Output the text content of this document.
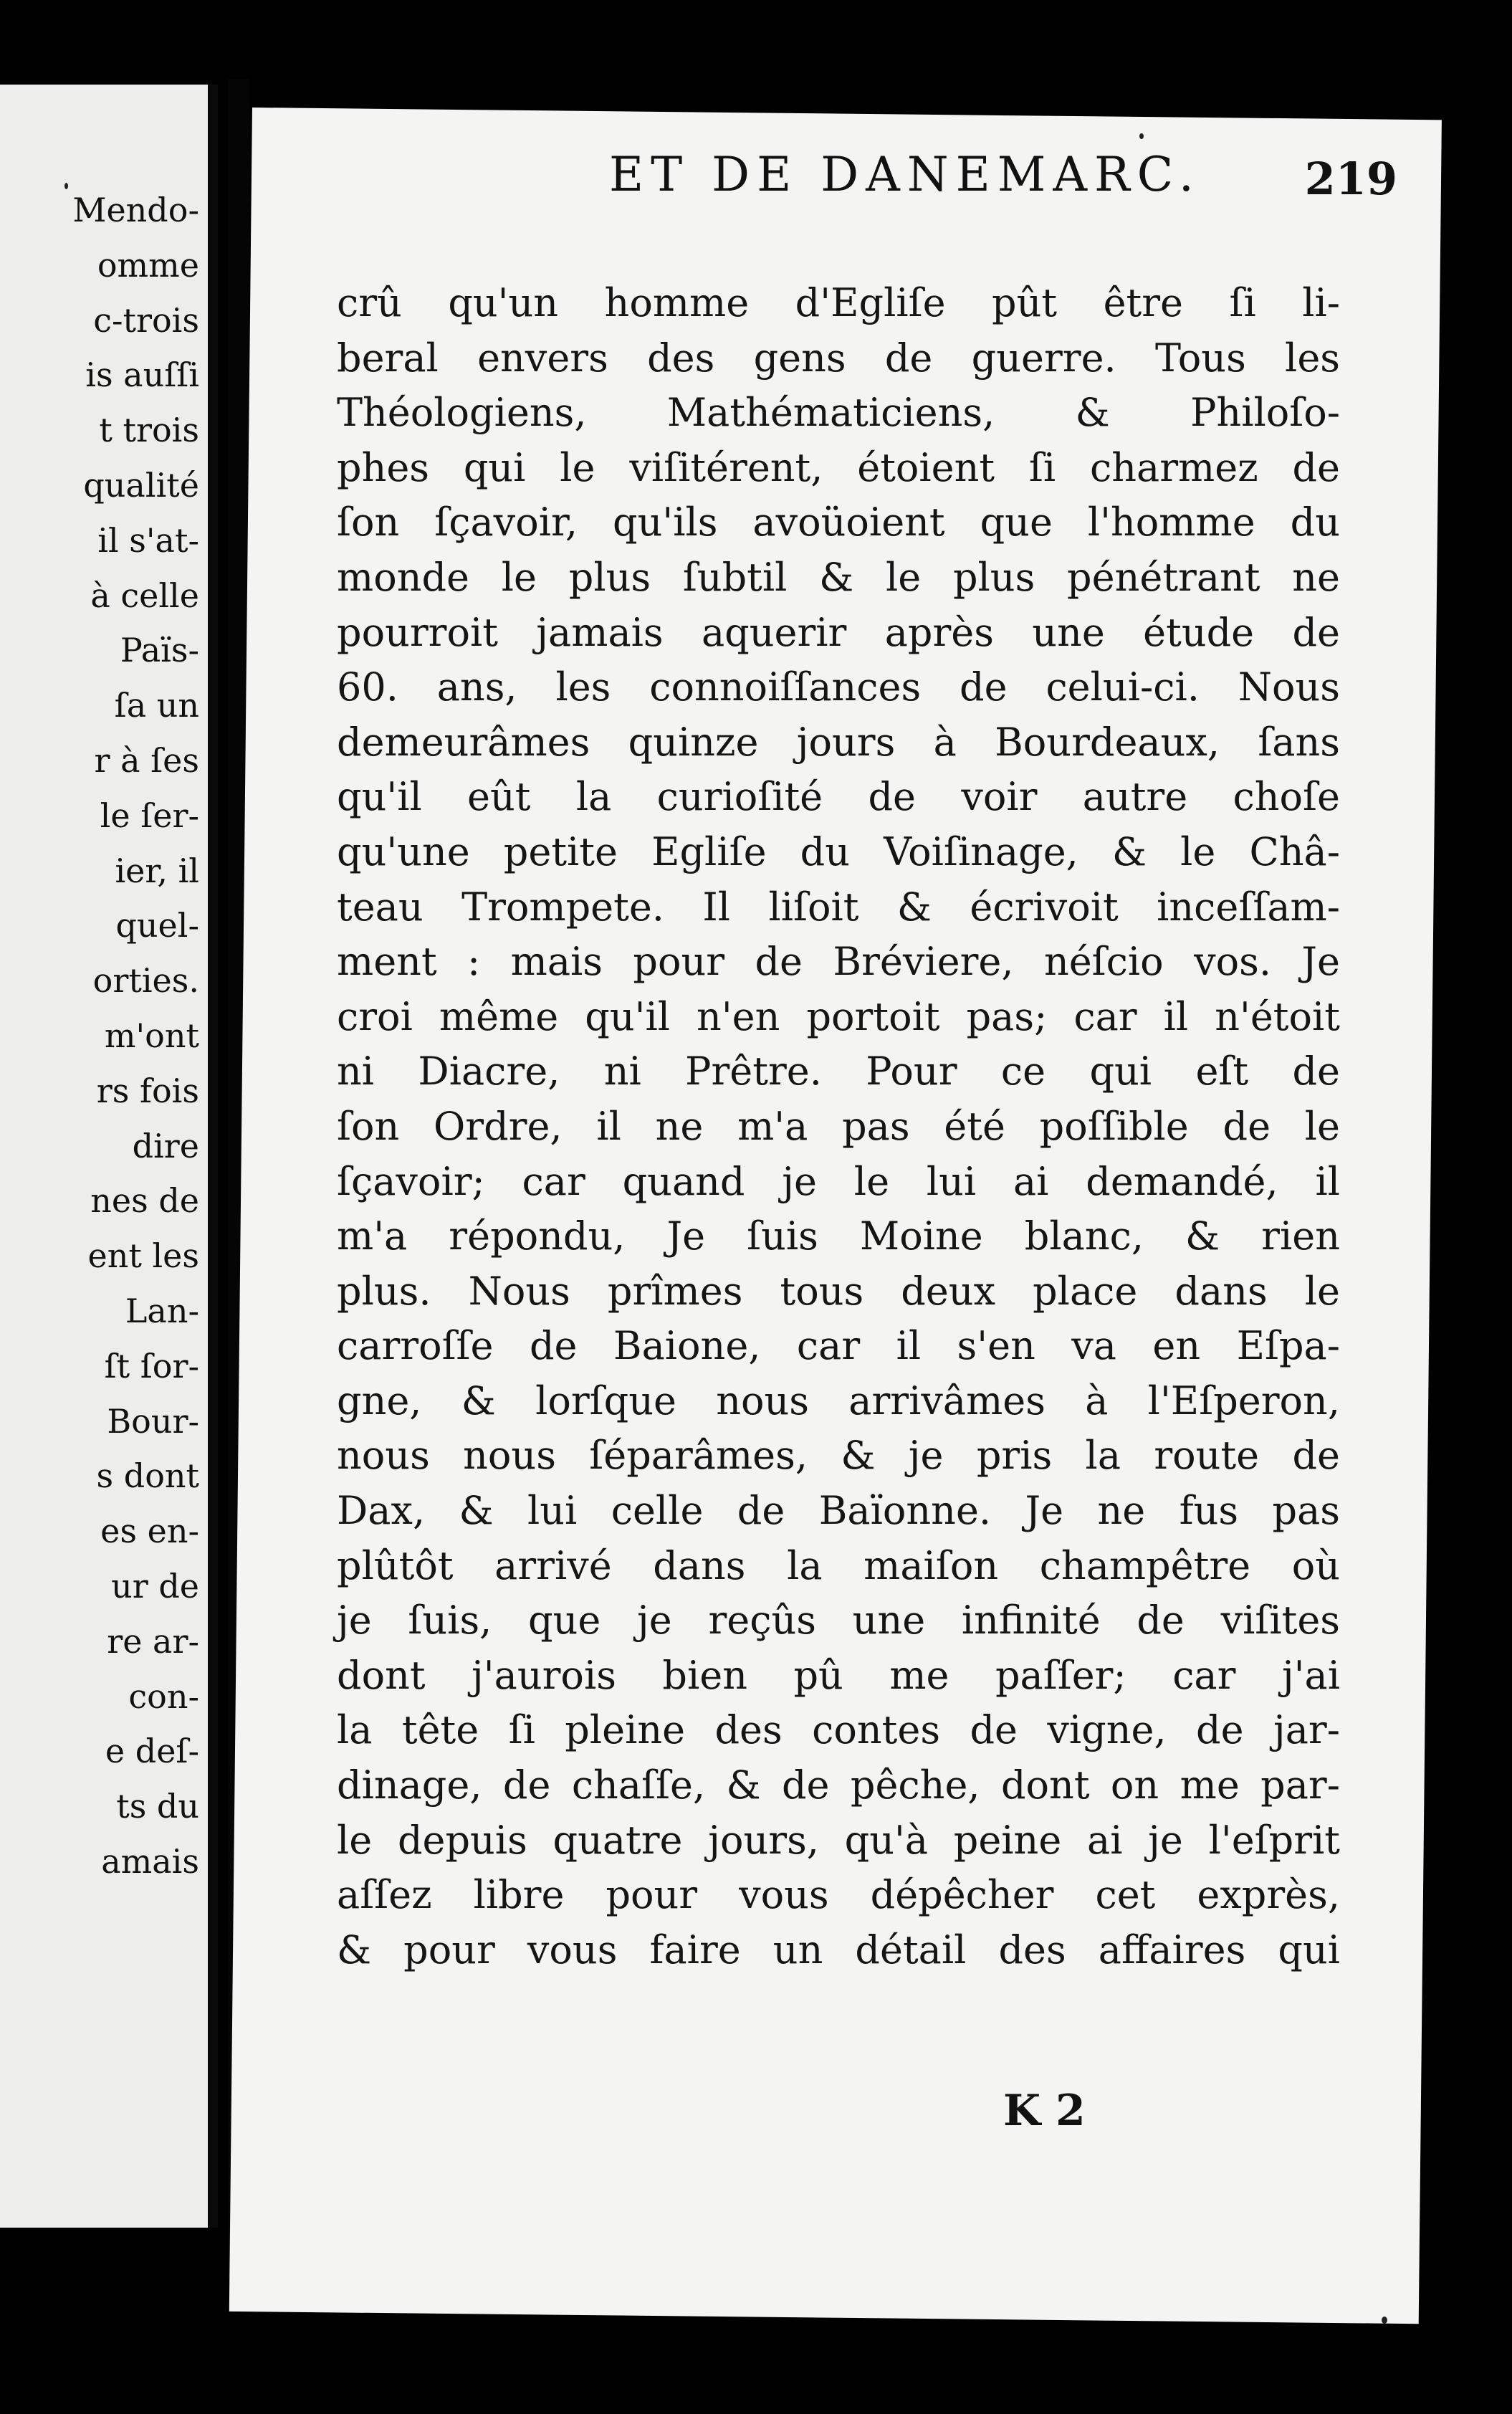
Mendo-
omme
c-trois
is auſſi
t trois
qualité
il s'at-
à celle
Païs-
ſa un
r à ſes
le ſer-
ier, il
quel-
orties.
m'ont
rs fois
dire
nes de
ent les
Lan-
ſt ſor-
Bour-
s dont
es en-
ur de
re ar-
con-
e deſ-
ts du
amais
ET DE DANEMARC. 219
crû qu'un homme d'Egliſe pût être ſi li-
beral envers des gens de guerre. Tous les
Théologiens, Mathématiciens, & Philoſo-
phes qui le viſitérent, étoient ſi charmez de
ſon ſçavoir, qu'ils avoüoient que l'homme du
monde le plus ſubtil & le plus pénétrant ne
pourroit jamais aquerir après une étude de
60. ans, les connoiſſances de celui-ci. Nous
demeurâmes quinze jours à Bourdeaux, ſans
qu'il eût la curioſité de voir autre choſe
qu'une petite Egliſe du Voiſinage, & le Châ-
teau Trompete. Il liſoit & écrivoit inceſſam-
ment : mais pour de Bréviere, néſcio vos. Je
croi même qu'il n'en portoit pas; car il n'étoit
ni Diacre, ni Prêtre. Pour ce qui eſt de
ſon Ordre, il ne m'a pas été poſſible de le
ſçavoir; car quand je le lui ai demandé, il
m'a répondu, Je ſuis Moine blanc, & rien
plus. Nous prîmes tous deux place dans le
carroſſe de Baione, car il s'en va en Eſpa-
gne, & lorſque nous arrivâmes à l'Eſperon,
nous nous ſéparâmes, & je pris la route de
Dax, & lui celle de Baïonne. Je ne fus pas
plûtôt arrivé dans la maiſon champêtre où
je ſuis, que je reçûs une infinité de viſites
dont j'aurois bien pû me paſſer; car j'ai
la tête ſi pleine des contes de vigne, de jar-
dinage, de chaſſe, & de pêche, dont on me par-
le depuis quatre jours, qu'à peine ai je l'eſprit
aſſez libre pour vous dépêcher cet exprès,
& pour vous faire un détail des affaires qui
K 2
